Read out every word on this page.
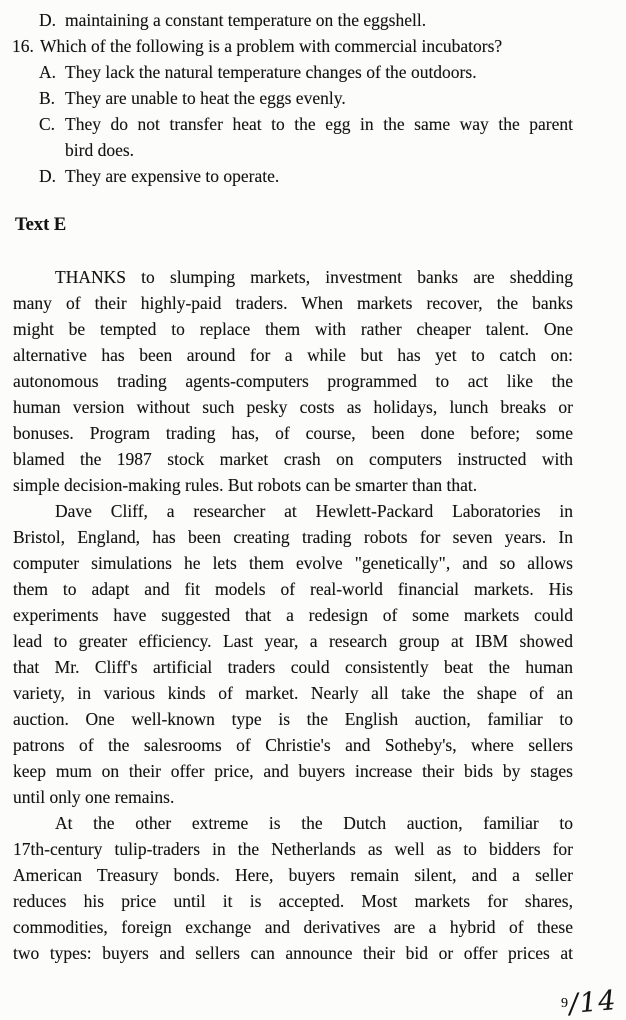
D. maintaining a constant temperature on the eggshell.
16. Which of the following is a problem with commercial incubators?
A. They lack the natural temperature changes of the outdoors.
B. They are unable to heat the eggs evenly.
C. They do not transfer heat to the egg in the same way the parent
bird does.
D. They are expensive to operate.
Text E
THANKS to slumping markets, investment banks are shedding
many of their highly-paid traders. When markets recover, the banks
might be tempted to replace them with rather cheaper talent. One
alternative has been around for a while but has yet to catch on:
autonomous trading agents-computers programmed to act like the
human version without such pesky costs as holidays, lunch breaks or
bonuses. Program trading has, of course, been done before; some
blamed the 1987 stock market crash on computers instructed with
simple decision-making rules. But robots can be smarter than that.
Dave Cliff, a researcher at Hewlett-Packard Laboratories in
Bristol, England, has been creating trading robots for seven years. In
computer simulations he lets them evolve "genetically", and so allows
them to adapt and fit models of real-world financial markets. His
experiments have suggested that a redesign of some markets could
lead to greater efficiency. Last year, a research group at IBM showed
that Mr. Cliff's artificial traders could consistently beat the human
variety, in various kinds of market. Nearly all take the shape of an
auction. One well-known type is the English auction, familiar to
patrons of the salesrooms of Christie's and Sotheby's, where sellers
keep mum on their offer price, and buyers increase their bids by stages
until only one remains.
At the other extreme is the Dutch auction, familiar to
17th-century tulip-traders in the Netherlands as well as to bidders for
American Treasury bonds. Here, buyers remain silent, and a seller
reduces his price until it is accepted. Most markets for shares,
commodities, foreign exchange and derivatives are a hybrid of these
two types: buyers and sellers can announce their bid or offer prices at
9/14
